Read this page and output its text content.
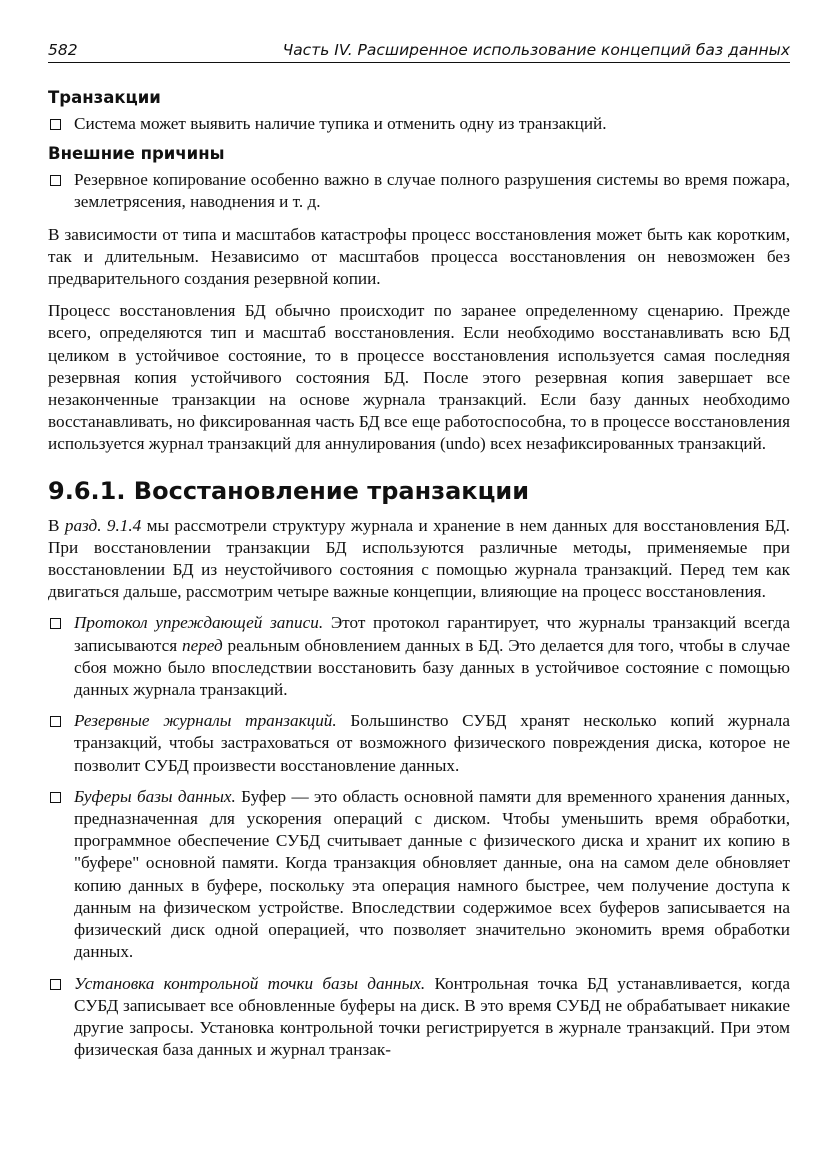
582	Часть IV. Расширенное использование концепций баз данных
Транзакции
Система может выявить наличие тупика и отменить одну из транзакций.
Внешние причины
Резервное копирование особенно важно в случае полного разрушения системы во время пожара, землетрясения, наводнения и т. д.

В зависимости от типа и масштабов катастрофы процесс восстановления может быть как коротким, так и длительным. Независимо от масштабов процесса восстановления он невозможен без предварительного создания резервной копии.

Процесс восстановления БД обычно происходит по заранее определенному сценарию. Прежде всего, определяются тип и масштаб восстановления. Если необходимо восстанавливать всю БД целиком в устойчивое состояние, то в процессе восстановления используется самая последняя резервная копия устойчивого состояния БД. После этого резервная копия завершает все незаконченные транзакции на основе журнала транзакций. Если базу данных необходимо восстанавливать, но фиксированная часть БД все еще работоспособна, то в процессе восстановления используется журнал транзакций для аннулирования (undo) всех незафиксированных транзакций.

9.6.1. Восстановление транзакции

В разд. 9.1.4 мы рассмотрели структуру журнала и хранение в нем данных для восстановления БД. При восстановлении транзакции БД используются различные методы, применяемые при восстановлении БД из неустойчивого состояния с помощью журнала транзакций. Перед тем как двигаться дальше, рассмотрим четыре важные концепции, влияющие на процесс восстановления.

Протокол упреждающей записи. Этот протокол гарантирует, что журналы транзакций всегда записываются перед реальным обновлением данных в БД. Это делается для того, чтобы в случае сбоя можно было впоследствии восстановить базу данных в устойчивое состояние с помощью данных журнала транзакций.
Резервные журналы транзакций. Большинство СУБД хранят несколько копий журнала транзакций, чтобы застраховаться от возможного физического повреждения диска, которое не позволит СУБД произвести восстановление данных.
Буферы базы данных. Буфер — это область основной памяти для временного хранения данных, предназначенная для ускорения операций с диском. Чтобы уменьшить время обработки, программное обеспечение СУБД считывает данные с физического диска и хранит их копию в "буфере" основной памяти. Когда транзакция обновляет данные, она на самом деле обновляет копию данных в буфере, поскольку эта операция намного быстрее, чем получение доступа к данным на физическом устройстве. Впоследствии содержимое всех буферов записывается на физический диск одной операцией, что позволяет значительно экономить время обработки данных.
Установка контрольной точки базы данных. Контрольная точка БД устанавливается, когда СУБД записывает все обновленные буферы на диск. В это время СУБД не обрабатывает никакие другие запросы. Установка контрольной точки регистрируется в журнале транзакций. При этом физическая база данных и журнал транзак-
